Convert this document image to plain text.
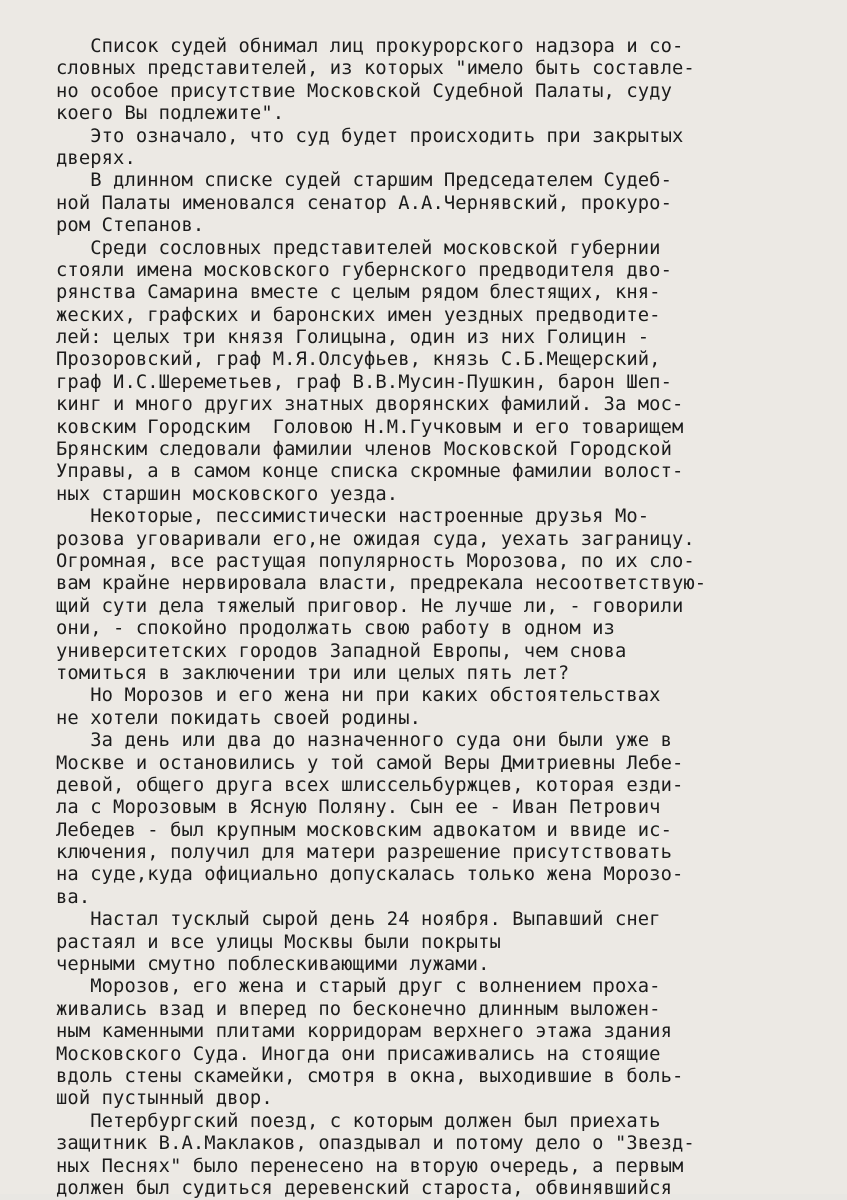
Список судей обнимал лиц прокурорского надзора и со-
словных представителей, из которых "имело быть составле-
но особое присутствие Московской Судебной Палаты, суду
коего Вы подлежите".
Это означало, что суд будет происходить при закрытых
дверях.
В длинном списке судей старшим Председателем Судеб-
ной Палаты именовался сенатор А.А.Чернявский, прокуро-
ром Степанов.
Среди сословных представителей московской губернии
стояли имена московского губернского предводителя дво-
рянства Самарина вместе с целым рядом блестящих, кня-
жеских, графских и баронских имен уездных предводите-
лей: целых три князя Голицына, один из них Голицин -
Прозоровский, граф М.Я.Олсуфьев, князь С.Б.Мещерский,
граф И.С.Шереметьев, граф В.В.Мусин-Пушкин, барон Шеп-
кинг и много других знатных дворянских фамилий. За мос-
ковским Городским  Головою Н.М.Гучковым и его товарищем
Брянским следовали фамилии членов Московской Городской
Управы, а в самом конце списка скромные фамилии волост-
ных старшин московского уезда.
Некоторые, пессимистически настроенные друзья Мо-
розова уговаривали его,не ожидая суда, уехать заграницу.
Огромная, все растущая популярность Морозова, по их сло-
вам крайне нервировала власти, предрекала несоответствую-
щий сути дела тяжелый приговор. Не лучше ли, - говорили
они, - спокойно продолжать свою работу в одном из
университетских городов Западной Европы, чем снова
томиться в заключении три или целых пять лет?
Но Морозов и его жена ни при каких обстоятельствах
не хотели покидать своей родины.
За день или два до назначенного суда они были уже в
Москве и остановились у той самой Веры Дмитриевны Лебе-
девой, общего друга всех шлиссельбуржцев, которая езди-
ла с Морозовым в Ясную Поляну. Сын ее - Иван Петрович
Лебедев - был крупным московским адвокатом и ввиде ис-
ключения, получил для матери разрешение присутствовать
на суде,куда официально допускалась только жена Морозо-
ва.
Настал тусклый сырой день 24 ноября. Выпавший снег
растаял и все улицы Москвы были покрыты
черными смутно поблескивающими лужами.
Морозов, его жена и старый друг с волнением проха-
живались взад и вперед по бесконечно длинным выложен-
ным каменными плитами корридорам верхнего этажа здания
Московского Суда. Иногда они присаживались на стоящие
вдоль стены скамейки, смотря в окна, выходившие в боль-
шой пустынный двор.
Петербургский поезд, с которым должен был приехать
защитник В.А.Маклаков, опаздывал и потому дело о "Звезд-
ных Песнях" было перенесено на вторую очередь, а первым
должен был судиться деревенский староста, обвинявшийся
